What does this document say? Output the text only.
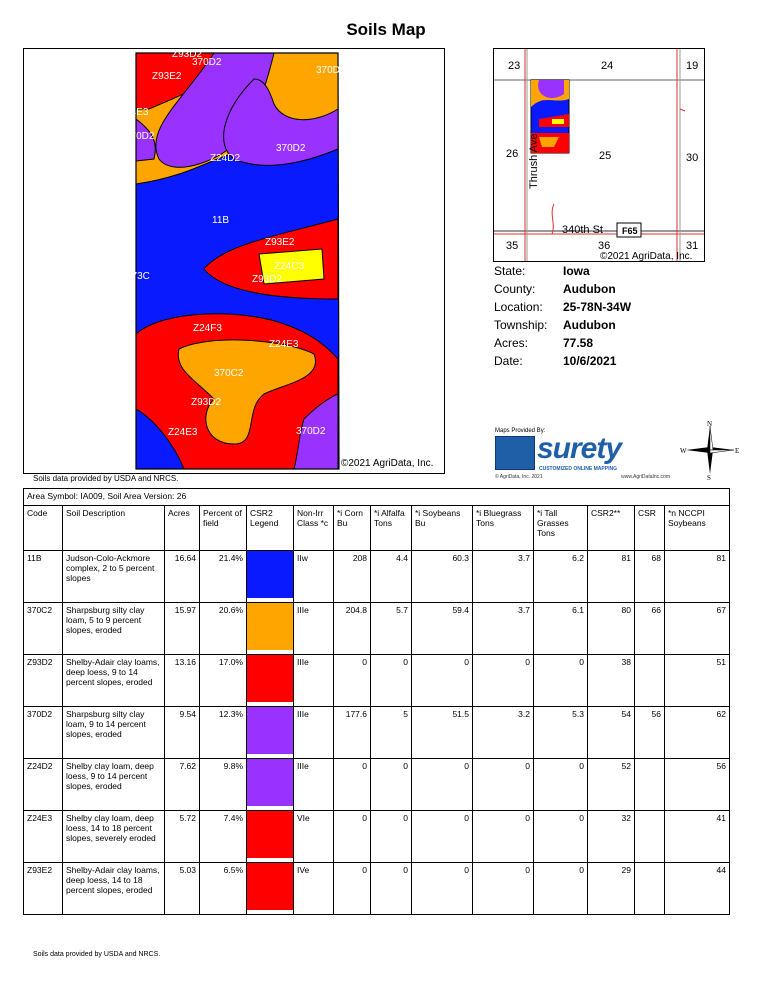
Soils Map
Z93D2
370D2
Z93E2
370D2
Z24E3
370D2
370D2
Z24D2
11B
Z93E2
Z24C3
Z93D2
273C
Z24F3
Z24E3
370C2
Z93D2
Z24E3	370D2
©2021 AgriData, Inc.
Soils data provided by USDA and NRCS.
23	24	19
26	25	30
35	36	31
Thrush Ave
340th St F65
©2021 AgriData, Inc.
State:	Iowa
County:	Audubon
Location:	25-78N-34W
Township:	Audubon
Acres:	77.58
Date:	10/6/2021
Maps Provided By:
surety
CUSTOMIZED ONLINE MAPPING
© AgriData, Inc. 2021	www.AgriDataInc.com
N
S
W	E
Area Symbol: IA009, Soil Area Version: 26													
Code	Soil Description	Acres	Percent of field	CSR2 Legend	Non-Irr Class *c	*i Corn Bu	*i Alfalfa Tons	*i Soybeans Bu	*i Bluegrass Tons	*i Tall Grasses Tons	CSR2**	CSR	*n NCCPI Soybeans
11B	Judson-Colo-Ackmore complex, 2 to 5 percent slopes	16.64	21.4%		IIw	208	4.4	60.3	3.7	6.2	81	68	81
370C2	Sharpsburg silty clay loam, 5 to 9 percent slopes, eroded	15.97	20.6%		IIIe	204.8	5.7	59.4	3.7	6.1	80	66	67
Z93D2	Shelby-Adair clay loams, deep loess, 9 to 14 percent slopes, eroded	13.16	17.0%		IIIe	0	0	0	0	0	38		51
370D2	Sharpsburg silty clay loam, 9 to 14 percent slopes, eroded	9.54	12.3%		IIIe	177.6	5	51.5	3.2	5.3	54	56	62
Z24D2	Shelby clay loam, deep loess, 9 to 14 percent slopes, eroded	7.62	9.8%		IIIe	0	0	0	0	0	52		56
Z24E3	Shelby clay loam, deep loess, 14 to 18 percent slopes, severely eroded	5.72	7.4%		VIe	0	0	0	0	0	32		41
Z93E2	Shelby-Adair clay loams, deep loess, 14 to 18 percent slopes, eroded	5.03	6.5%		IVe	0	0	0	0	0	29		44
Soils data provided by USDA and NRCS.
